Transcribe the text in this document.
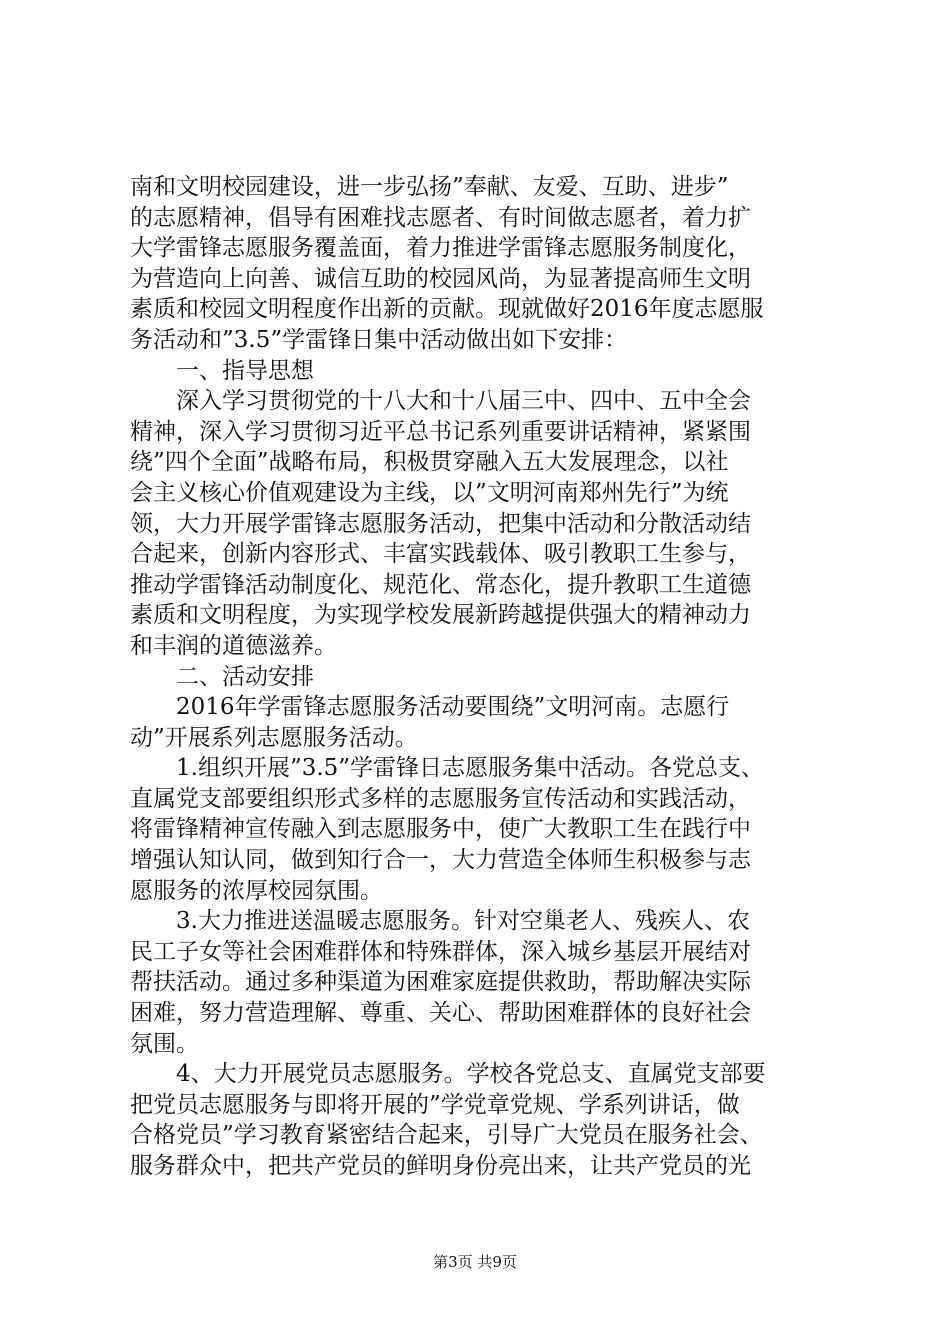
南和文明校园建设，进一步弘扬”奉献、友爱、互助、进步”
的志愿精神，倡导有困难找志愿者、有时间做志愿者，着力扩
大学雷锋志愿服务覆盖面，着力推进学雷锋志愿服务制度化，
为营造向上向善、诚信互助的校园风尚，为显著提高师生文明
素质和校园文明程度作出新的贡献。现就做好2016年度志愿服
务活动和”3.5”学雷锋日集中活动做出如下安排：
　　一、指导思想
　　深入学习贯彻党的十八大和十八届三中、四中、五中全会
精神，深入学习贯彻习近平总书记系列重要讲话精神，紧紧围
绕”四个全面”战略布局，积极贯穿融入五大发展理念，以社
会主义核心价值观建设为主线，以”文明河南郑州先行”为统
领，大力开展学雷锋志愿服务活动，把集中活动和分散活动结
合起来，创新内容形式、丰富实践载体、吸引教职工生参与，
推动学雷锋活动制度化、规范化、常态化，提升教职工生道德
素质和文明程度，为实现学校发展新跨越提供强大的精神动力
和丰润的道德滋养。
　　二、活动安排
　　2016年学雷锋志愿服务活动要围绕”文明河南。志愿行
动”开展系列志愿服务活动。
　　1.组织开展”3.5”学雷锋日志愿服务集中活动。各党总支、
直属党支部要组织形式多样的志愿服务宣传活动和实践活动，
将雷锋精神宣传融入到志愿服务中，使广大教职工生在践行中
增强认知认同，做到知行合一，大力营造全体师生积极参与志
愿服务的浓厚校园氛围。
　　3.大力推进送温暖志愿服务。针对空巢老人、残疾人、农
民工子女等社会困难群体和特殊群体，深入城乡基层开展结对
帮扶活动。通过多种渠道为困难家庭提供救助，帮助解决实际
困难，努力营造理解、尊重、关心、帮助困难群体的良好社会
氛围。
　　4、大力开展党员志愿服务。学校各党总支、直属党支部要
把党员志愿服务与即将开展的”学党章党规、学系列讲话，做
合格党员”学习教育紧密结合起来，引导广大党员在服务社会、
服务群众中，把共产党员的鲜明身份亮出来，让共产党员的光
第3页 共9页
